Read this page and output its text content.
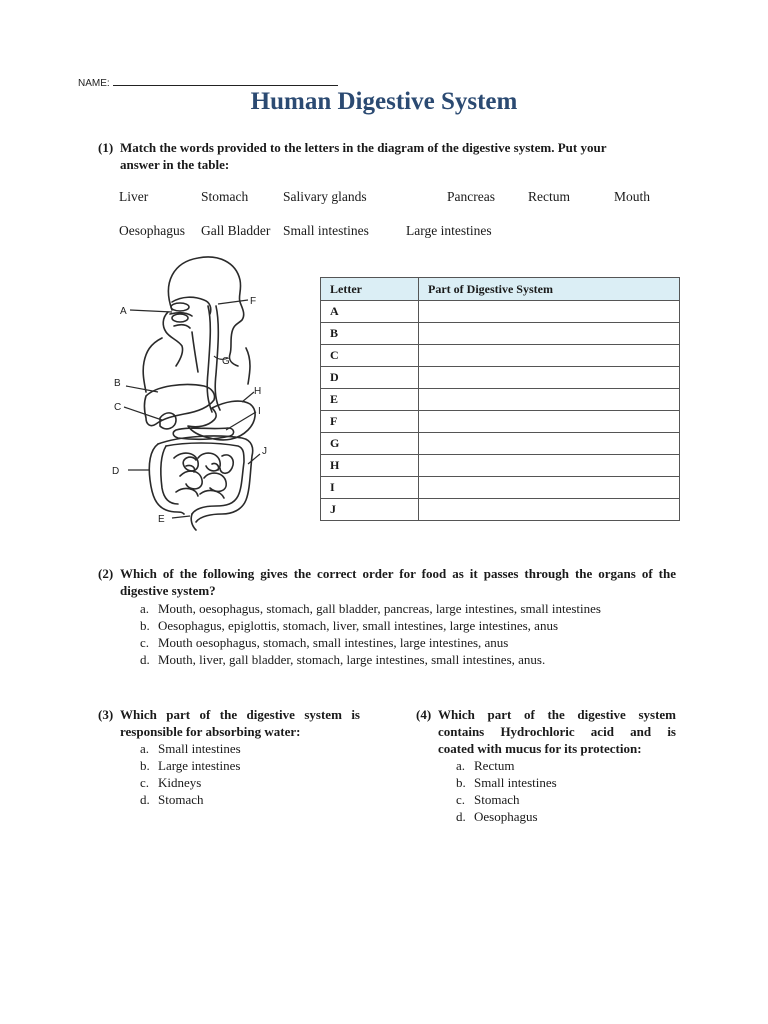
NAME:
Human Digestive System
(1) Match the words provided to the letters in the diagram of the digestive system. Put your
answer in the table:
Liver	Stomach	Salivary glands	Pancreas Rectum	Mouth
Oesophagus Gall Bladder Small intestines	Large intestines
A
B
C
D
E
F
G
H
I
J
Letter	Part of Digestive System
A	
B	
C	
D	
E	
F	
G	
H	
I	
J	
(2) Which of the following gives the correct order for food as it passes through the organs of the
digestive system?
a. Mouth, oesophagus, stomach, gall bladder, pancreas, large intestines, small intestines
b. Oesophagus, epiglottis, stomach, liver, small intestines, large intestines, anus
c. Mouth oesophagus, stomach, small intestines, large intestines, anus
d. Mouth, liver, gall bladder, stomach, large intestines, small intestines, anus.
(3) Which part of the digestive system is
responsible for absorbing water:
a. Small intestines
b. Large intestines
c. Kidneys
d. Stomach
(4) Which part of the digestive system
contains Hydrochloric acid and is
coated with mucus for its protection:
a. Rectum
b. Small intestines
c. Stomach
d. Oesophagus
